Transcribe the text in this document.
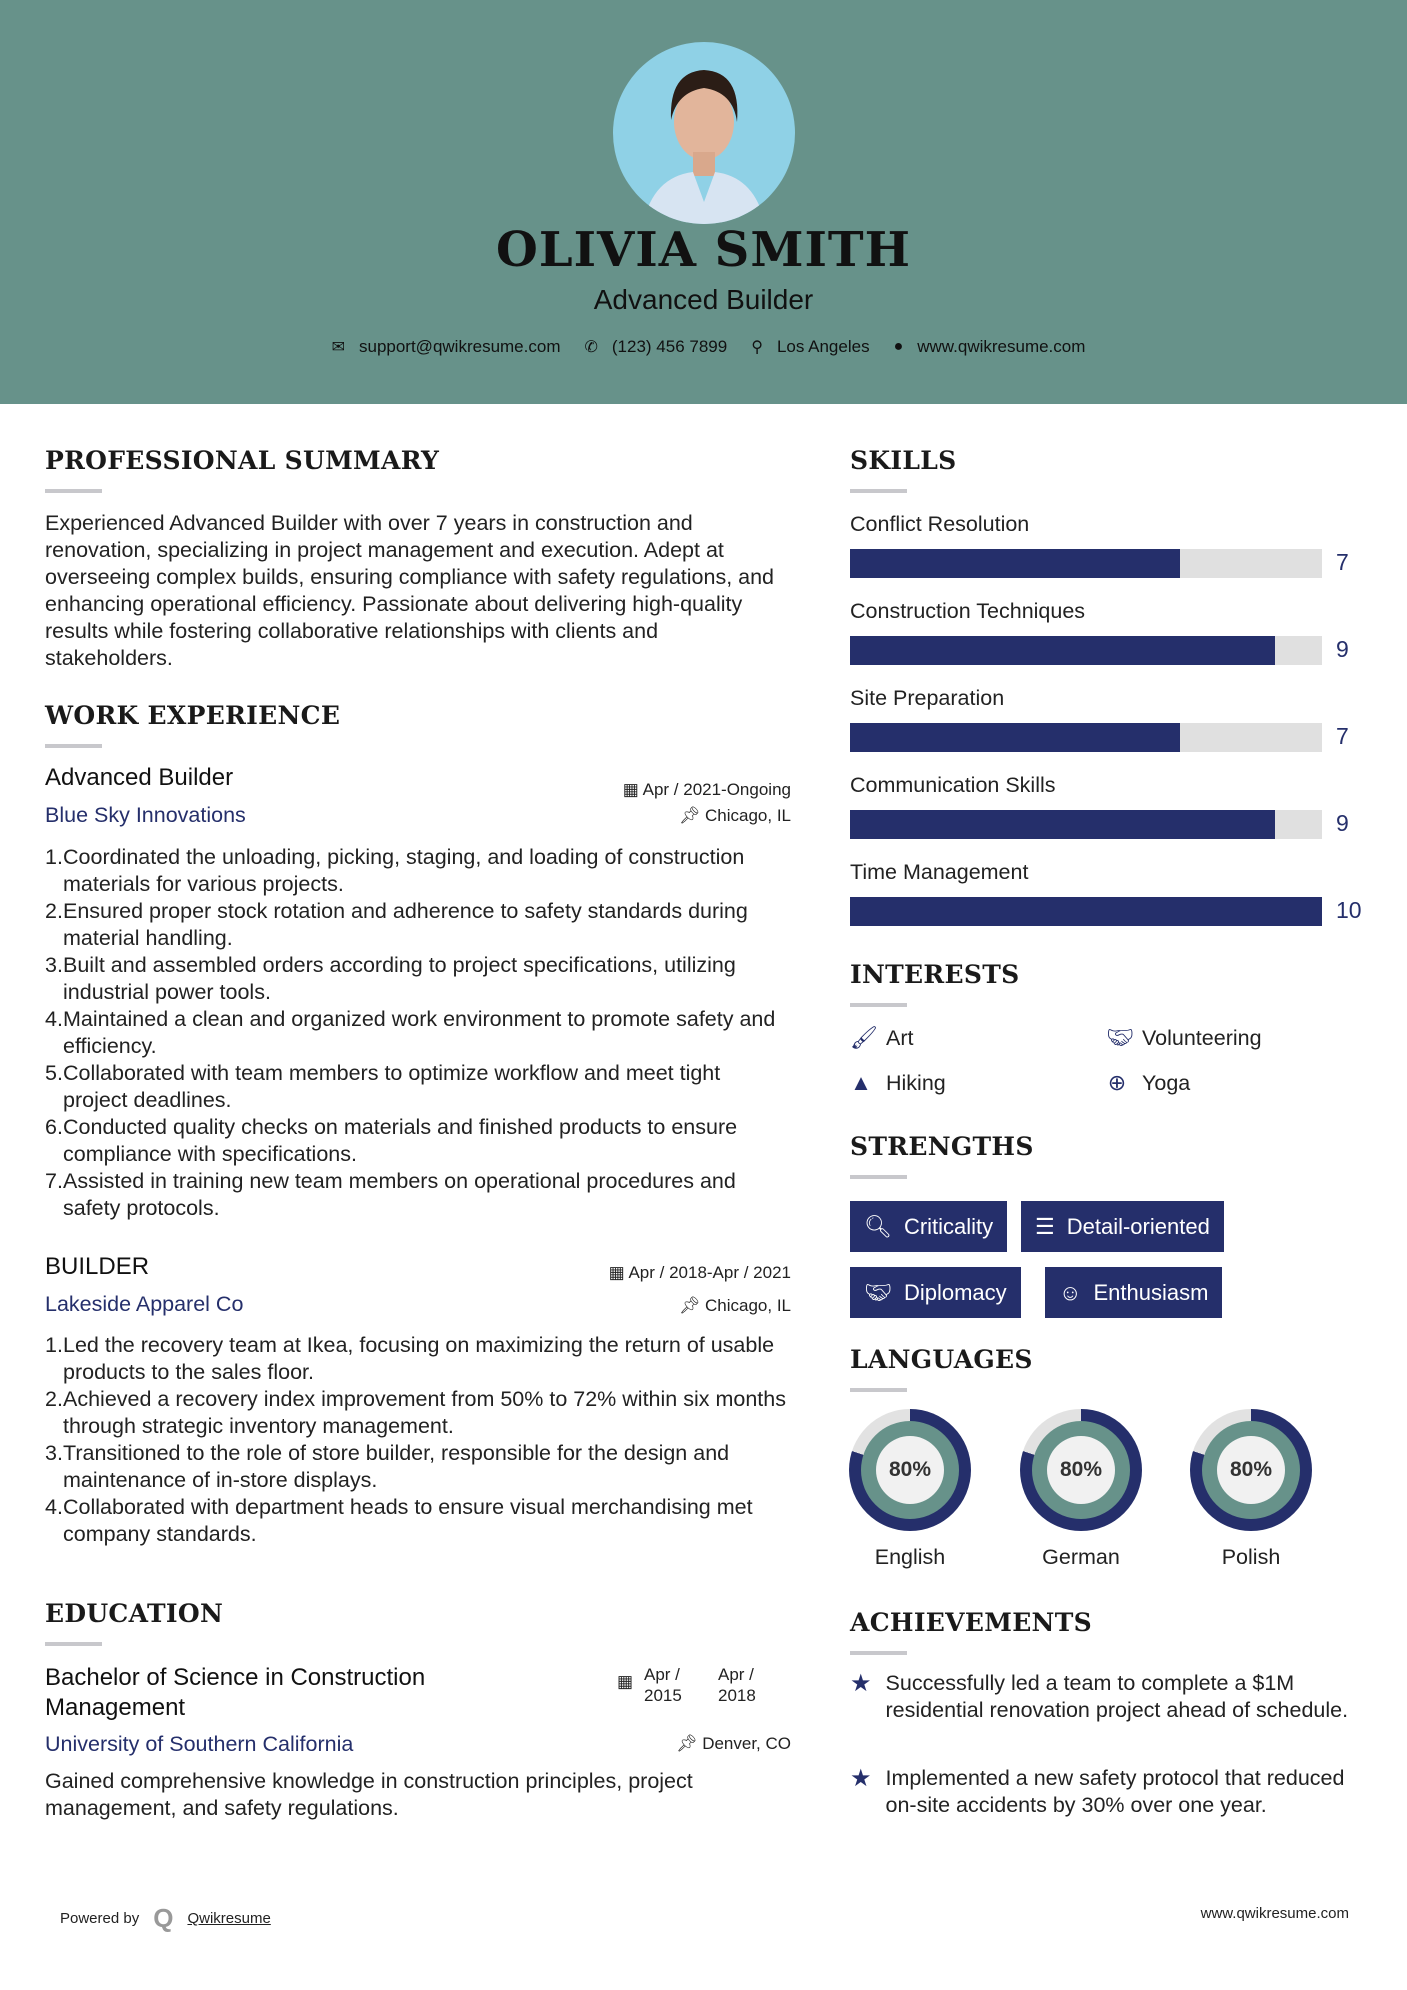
OLIVIA SMITH
Advanced Builder
✉ support@qwikresume.com ✆ (123) 456 7899 ⚲ Los Angeles ● www.qwikresume.com
PROFESSIONAL SUMMARY
Experienced Advanced Builder with over 7 years in construction and renovation, specializing in project management and execution. Adept at overseeing complex builds, ensuring compliance with safety regulations, and enhancing operational efficiency. Passionate about delivering high-quality results while fostering collaborative relationships with clients and stakeholders.
WORK EXPERIENCE
Advanced Builder	▦ Apr / 2021-Ongoing
Blue Sky Innovations	📌︎ Chicago, IL
1. Coordinated the unloading, picking, staging, and loading of construction materials for various projects.
2. Ensured proper stock rotation and adherence to safety standards during material handling.
3. Built and assembled orders according to project specifications, utilizing industrial power tools.
4. Maintained a clean and organized work environment to promote safety and efficiency.
5. Collaborated with team members to optimize workflow and meet tight project deadlines.
6. Conducted quality checks on materials and finished products to ensure compliance with specifications.
7. Assisted in training new team members on operational procedures and safety protocols.
BUILDER	▦ Apr / 2018-Apr / 2021
Lakeside Apparel Co	📌︎ Chicago, IL
1. Led the recovery team at Ikea, focusing on maximizing the return of usable products to the sales floor.
2. Achieved a recovery index improvement from 50% to 72% within six months through strategic inventory management.
3. Transitioned to the role of store builder, responsible for the design and maintenance of in-store displays.
4. Collaborated with department heads to ensure visual merchandising met company standards.
EDUCATION
Bachelor of Science in Construction Management
▦ Apr / 2015
Apr / 2018
University of Southern California	📌︎ Denver, CO
Gained comprehensive knowledge in construction principles, project management, and safety regulations.
SKILLS
Conflict Resolution
7
Construction Techniques
9
Site Preparation
7
Communication Skills
9
Time Management
10
INTERESTS
🖌︎ Art	🤝︎ Volunteering
▲ Hiking	⊕ Yoga
STRENGTHS
🔍︎ Criticality ☰ Detail-oriented
🤝︎ Diplomacy ☺ Enthusiasm
LANGUAGES
80%	80%	80%
English	German	Polish
ACHIEVEMENTS
★ Successfully led a team to complete a $1M residential renovation project ahead of schedule.
★ Implemented a new safety protocol that reduced on-site accidents by 30% over one year.
Powered by Q Qwikresume	www.qwikresume.com
